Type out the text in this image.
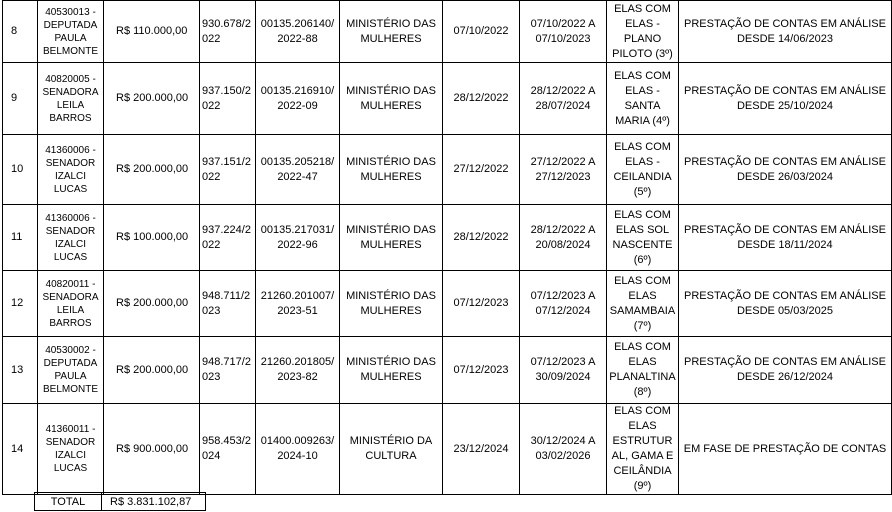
8	40530013 - DEPUTADA PAULA BELMONTE	R$ 110.000,00	930.678/2022	00135.206140/2022-88	MINISTÉRIO DAS MULHERES	07/10/2022	07/10/2022 A 07/10/2023	ELAS COM ELAS - PLANO PILOTO (3º)	PRESTAÇÃO DE CONTAS EM ANÁLISE DESDE 14/06/2023
9	40820005 - SENADORA LEILA BARROS	R$ 200.000,00	937.150/2022	00135.216910/2022-09	MINISTÉRIO DAS MULHERES	28/12/2022	28/12/2022 A 28/07/2024	ELAS COM ELAS - SANTA MARIA (4º)	PRESTAÇÃO DE CONTAS EM ANÁLISE DESDE 25/10/2024
10	41360006 - SENADOR IZALCI LUCAS	R$ 200.000,00	937.151/2022	00135.205218/2022-47	MINISTÉRIO DAS MULHERES	27/12/2022	27/12/2022 A 27/12/2023	ELAS COM ELAS - CEILANDIA (5º)	PRESTAÇÃO DE CONTAS EM ANÁLISE DESDE 26/03/2024
11	41360006 - SENADOR IZALCI LUCAS	R$ 100.000,00	937.224/2022	00135.217031/2022-96	MINISTÉRIO DAS MULHERES	28/12/2022	28/12/2022 A 20/08/2024	ELAS COM ELAS SOL NASCENTE (6º)	PRESTAÇÃO DE CONTAS EM ANÁLISE DESDE 18/11/2024
12	40820011 - SENADORA LEILA BARROS	R$ 200.000,00	948.711/2023	21260.201007/2023-51	MINISTÉRIO DAS MULHERES	07/12/2023	07/12/2023 A 07/12/2024	ELAS COM ELAS SAMAMBAIA (7º)	PRESTAÇÃO DE CONTAS EM ANÁLISE DESDE 05/03/2025
13	40530002 - DEPUTADA PAULA BELMONTE	R$ 200.000,00	948.717/2023	21260.201805/2023-82	MINISTÉRIO DAS MULHERES	07/12/2023	07/12/2023 A 30/09/2024	ELAS COM ELAS PLANALTINA (8º)	PRESTAÇÃO DE CONTAS EM ANÁLISE DESDE 26/12/2024
14	41360011 - SENADOR IZALCI LUCAS	R$ 900.000,00	958.453/2024	01400.009263/2024-10	MINISTÉRIO DA CULTURA	23/12/2024	30/12/2024 A 03/02/2026	ELAS COM ELAS ESTRUTURAL, GAMA E CEILÂNDIA (9º)	EM FASE DE PRESTAÇÃO DE CONTAS
TOTAL	R$ 3.831.102,87
